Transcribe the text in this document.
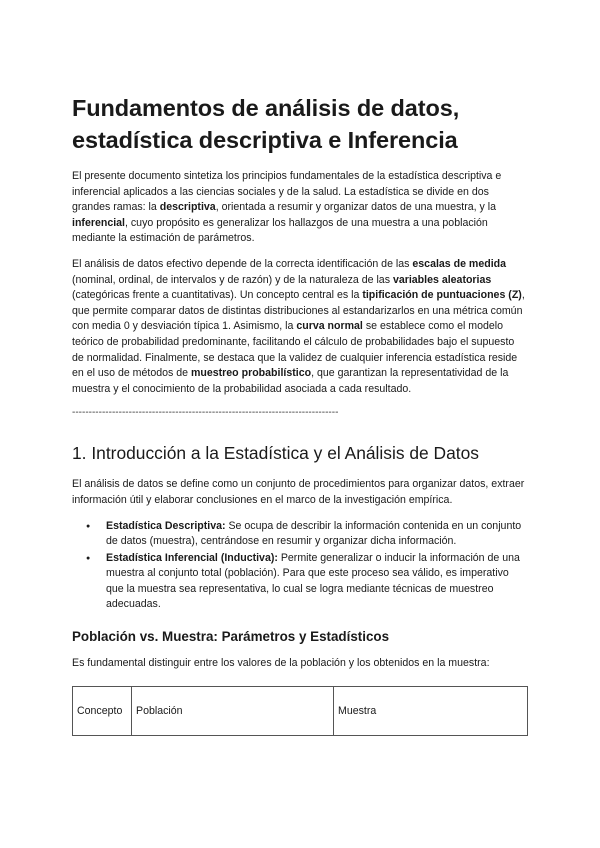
Fundamentos de análisis de datos, estadística descriptiva e Inferencia

El presente documento sintetiza los principios fundamentales de la estadística descriptiva e inferencial aplicados a las ciencias sociales y de la salud. La estadística se divide en dos grandes ramas: la descriptiva, orientada a resumir y organizar datos de una muestra, y la inferencial, cuyo propósito es generalizar los hallazgos de una muestra a una población mediante la estimación de parámetros.

El análisis de datos efectivo depende de la correcta identificación de las escalas de medida (nominal, ordinal, de intervalos y de razón) y de la naturaleza de las variables aleatorias (categóricas frente a cuantitativas). Un concepto central es la tipificación de puntuaciones (Z), que permite comparar datos de distintas distribuciones al estandarizarlos en una métrica común con media 0 y desviación típica 1. Asimismo, la curva normal se establece como el modelo teórico de probabilidad predominante, facilitando el cálculo de probabilidades bajo el supuesto de normalidad. Finalmente, se destaca que la validez de cualquier inferencia estadística reside en el uso de métodos de muestreo probabilístico, que garantizan la representatividad de la muestra y el conocimiento de la probabilidad asociada a cada resultado.

--------------------------------------------------------------------------------
1. Introducción a la Estadística y el Análisis de Datos

El análisis de datos se define como un conjunto de procedimientos para organizar datos, extraer información útil y elaborar conclusiones en el marco de la investigación empírica.

● Estadística Descriptiva: Se ocupa de describir la información contenida en un conjunto de datos (muestra), centrándose en resumir y organizar dicha información.
● Estadística Inferencial (Inductiva): Permite generalizar o inducir la información de una muestra al conjunto total (población). Para que este proceso sea válido, es imperativo que la muestra sea representativa, lo cual se logra mediante técnicas de muestreo adecuadas.
Población vs. Muestra: Parámetros y Estadísticos

Es fundamental distinguir entre los valores de la población y los obtenidos en la muestra:

Concepto	Población	Muestra
